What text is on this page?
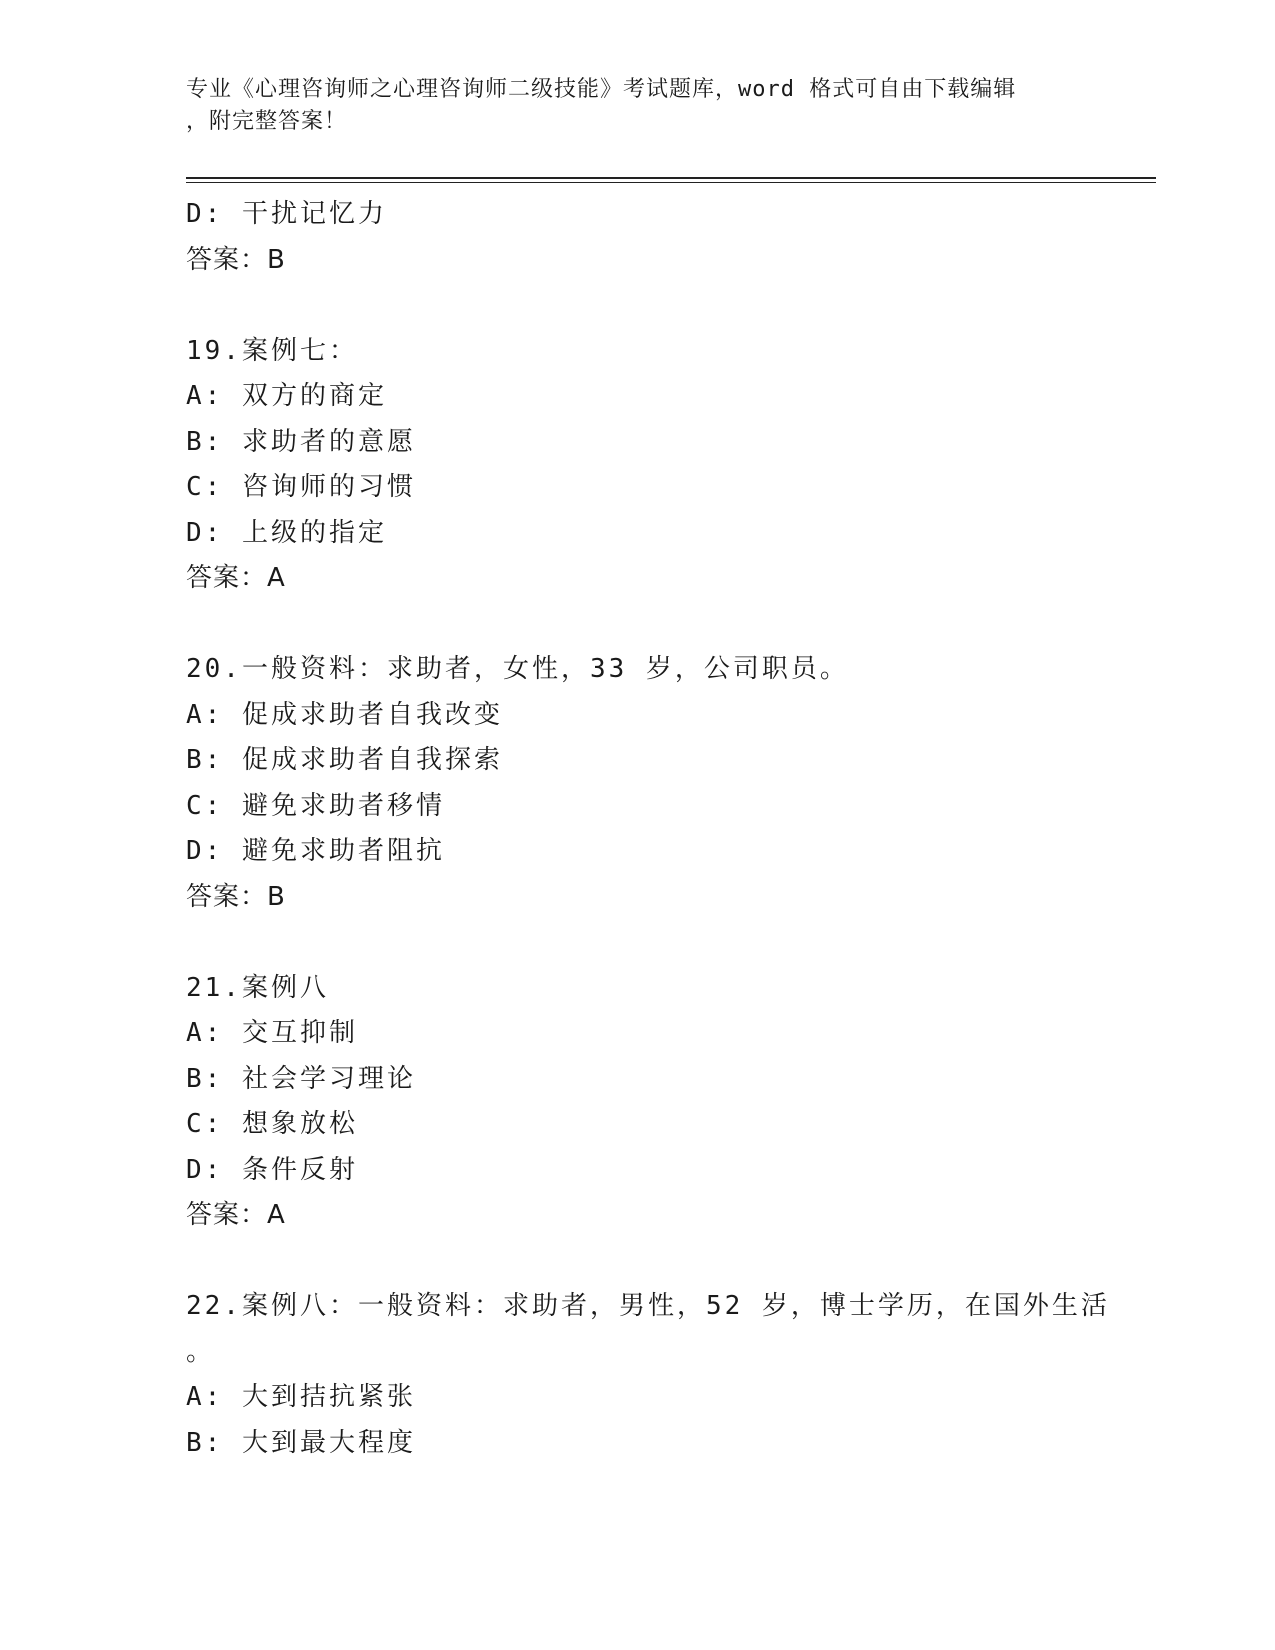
专业《心理咨询师之心理咨询师二级技能》考试题库，word 格式可自由下载编辑
，附完整答案！
D: 干扰记忆力
答案：B
19.案例七：
A: 双方的商定
B: 求助者的意愿
C: 咨询师的习惯
D: 上级的指定
答案：A
20.一般资料：求助者，女性，33 岁，公司职员。
A: 促成求助者自我改变
B: 促成求助者自我探索
C: 避免求助者移情
D: 避免求助者阻抗
答案：B
21.案例八
A: 交互抑制
B: 社会学习理论
C: 想象放松
D: 条件反射
答案：A
22.案例八：一般资料：求助者，男性，52 岁，博士学历，在国外生活
。
A: 大到拮抗紧张
B: 大到最大程度
